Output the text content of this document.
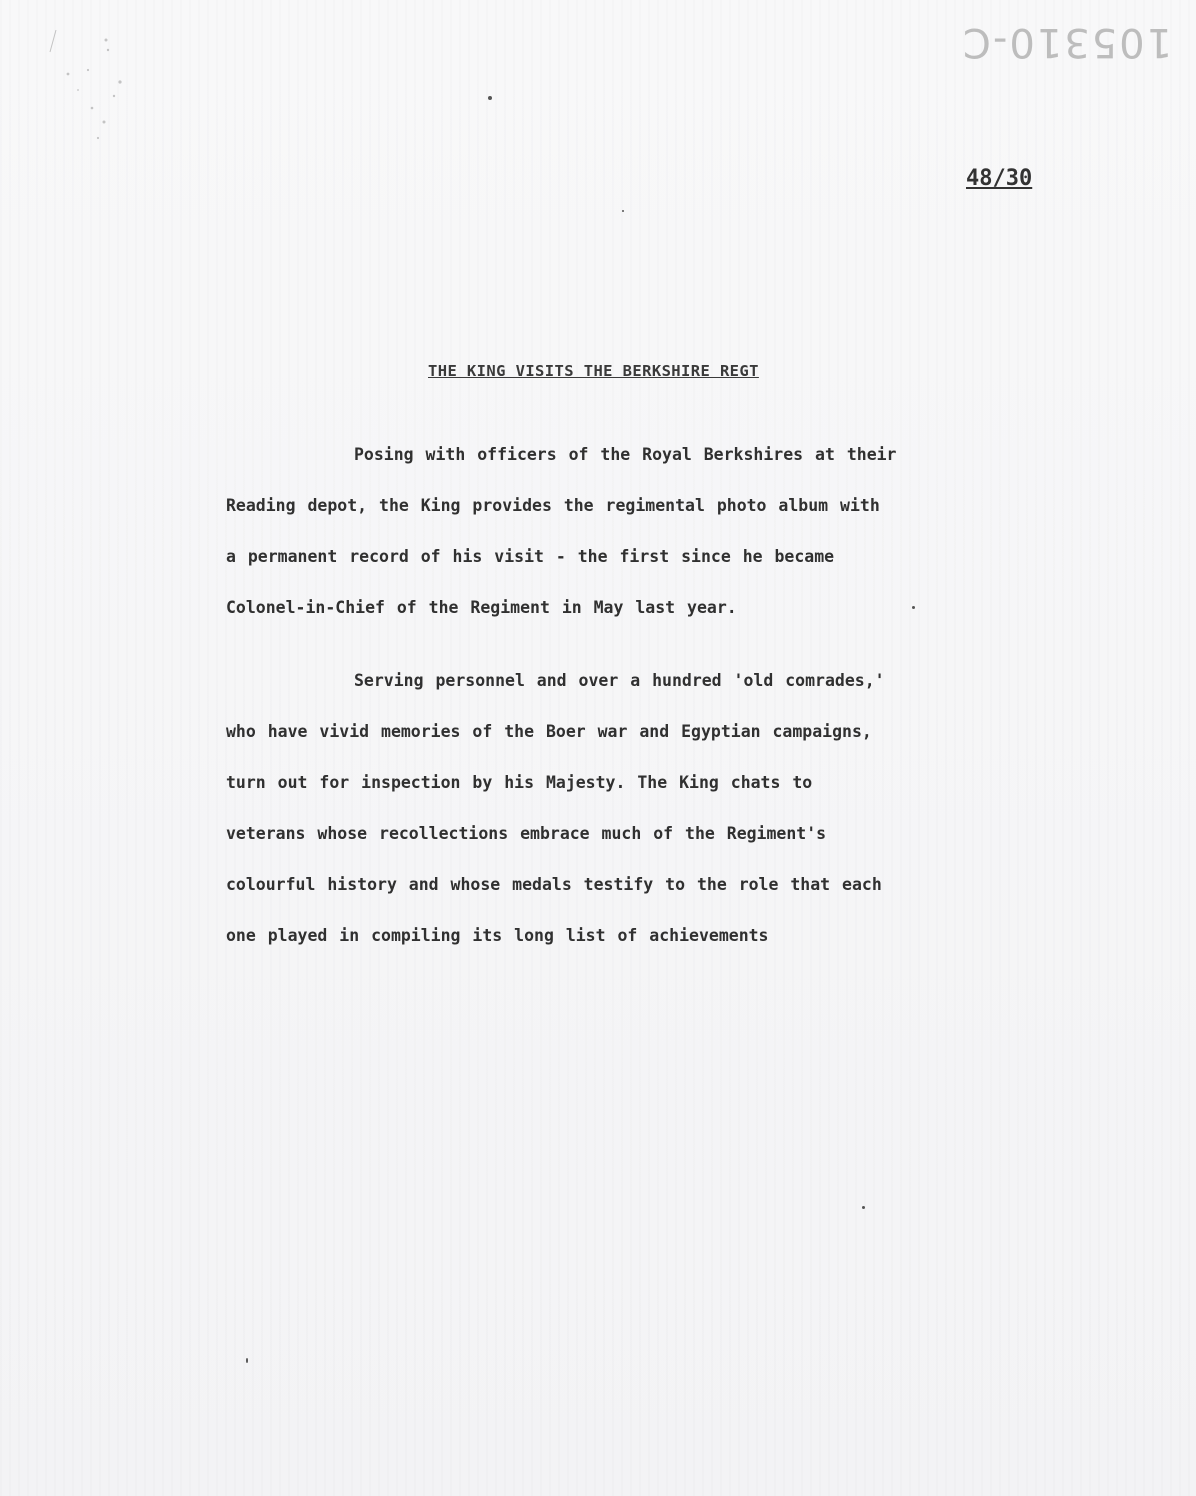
105310-C
48/30
THE KING VISITS THE BERKSHIRE REGT
Posing with officers of the Royal Berkshires at their
Reading depot, the King provides the regimental photo album with
a permanent record of his visit - the first since he became
Colonel-in-Chief of the Regiment in May last year.
Serving personnel and over a hundred 'old comrades,'
who have vivid memories of the Boer war and Egyptian campaigns,
turn out for inspection by his Majesty. The King chats to
veterans whose recollections embrace much of the Regiment's
colourful history and whose medals testify to the role that each
one played in compiling its long list of achievements
